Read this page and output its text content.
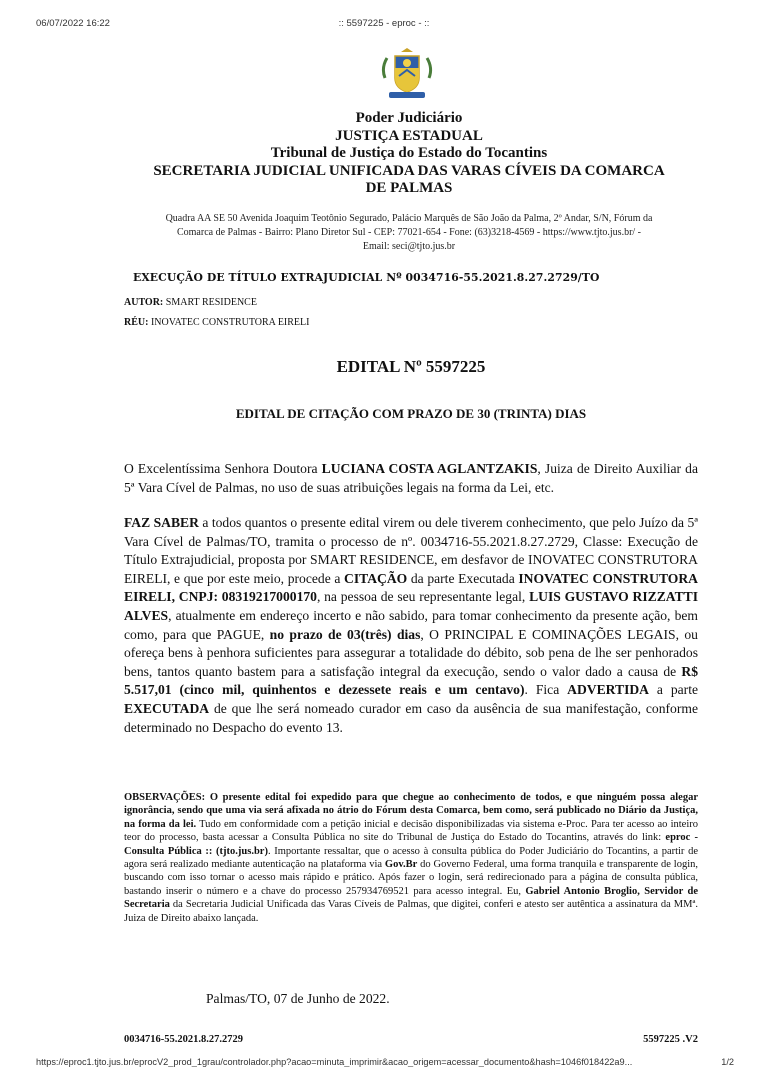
06/07/2022 16:22	:: 5597225 - eproc - ::
Poder Judiciário
JUSTIÇA ESTADUAL
Tribunal de Justiça do Estado do Tocantins
SECRETARIA JUDICIAL UNIFICADA DAS VARAS CÍVEIS DA COMARCA
DE PALMAS
Quadra AA SE 50 Avenida Joaquim Teotônio Segurado, Palácio Marquês de São João da Palma, 2º Andar, S/N, Fórum da
Comarca de Palmas - Bairro: Plano Diretor Sul - CEP: 77021-654 - Fone: (63)3218-4569 - https://www.tjto.jus.br/ -
Email: seci@tjto.jus.br
EXECUÇÃO DE TÍTULO EXTRAJUDICIAL Nº 0034716-55.2021.8.27.2729/TO
AUTOR: SMART RESIDENCE
RÉU: INOVATEC CONSTRUTORA EIRELI
EDITAL Nº 5597225
EDITAL DE CITAÇÃO COM PRAZO DE 30 (TRINTA) DIAS

O Excelentíssima Senhora Doutora LUCIANA COSTA AGLANTZAKIS, Juiza de Direito Auxiliar da 5ª Vara Cível de Palmas, no uso de suas atribuições legais na forma da Lei, etc.

FAZ SABER a todos quantos o presente edital virem ou dele tiverem conhecimento, que pelo Juízo da 5ª Vara Cível de Palmas/TO, tramita o processo de nº. 0034716-55.2021.8.27.2729, Classe: Execução de Título Extrajudicial, proposta por SMART RESIDENCE, em desfavor de INOVATEC CONSTRUTORA EIRELI, e que por este meio, procede a CITAÇÃO da parte Executada INOVATEC CONSTRUTORA EIRELI, CNPJ: 08319217000170, na pessoa de seu representante legal, LUIS GUSTAVO RIZZATTI ALVES, atualmente em endereço incerto e não sabido, para tomar conhecimento da presente ação, bem como, para que PAGUE, no prazo de 03(três) dias, O PRINCIPAL E COMINAÇÕES LEGAIS, ou ofereça bens à penhora suficientes para assegurar a totalidade do débito, sob pena de lhe ser penhorados bens, tantos quanto bastem para a satisfação integral da execução, sendo o valor dado a causa de R$ 5.517,01 (cinco mil, quinhentos e dezessete reais e um centavo). Fica ADVERTIDA a parte EXECUTADA de que lhe será nomeado curador em caso da ausência de sua manifestação, conforme determinado no Despacho do evento 13.

OBSERVAÇÕES: O presente edital foi expedido para que chegue ao conhecimento de todos, e que ninguém possa alegar ignorância, sendo que uma via será afixada no átrio do Fórum desta Comarca, bem como, será publicado no Diário da Justiça, na forma da lei. Tudo em conformidade com a petição inicial e decisão disponibilizadas via sistema e-Proc. Para ter acesso ao inteiro teor do processo, basta acessar a Consulta Pública no site do Tribunal de Justiça do Estado do Tocantins, através do link: eproc - Consulta Pública :: (tjto.jus.br). Importante ressaltar, que o acesso à consulta pública do Poder Judiciário do Tocantins, a partir de agora será realizado mediante autenticação na plataforma via Gov.Br do Governo Federal, uma forma tranquila e transparente de login, buscando com isso tornar o acesso mais rápido e prático. Após fazer o login, será redirecionado para a página de consulta pública, bastando inserir o número e a chave do processo 257934769521 para acesso integral. Eu, Gabriel Antonio Broglio, Servidor de Secretaria da Secretaria Judicial Unificada das Varas Cíveis de Palmas, que digitei, conferi e atesto ser autêntica a assinatura da MMª. Juiza de Direito abaixo lançada.

Palmas/TO, 07 de Junho de 2022.
0034716-55.2021.8.27.2729	5597225 .V2
https://eproc1.tjto.jus.br/eprocV2_prod_1grau/controlador.php?acao=minuta_imprimir&acao_origem=acessar_documento&hash=1046f018422a9...	1/2
